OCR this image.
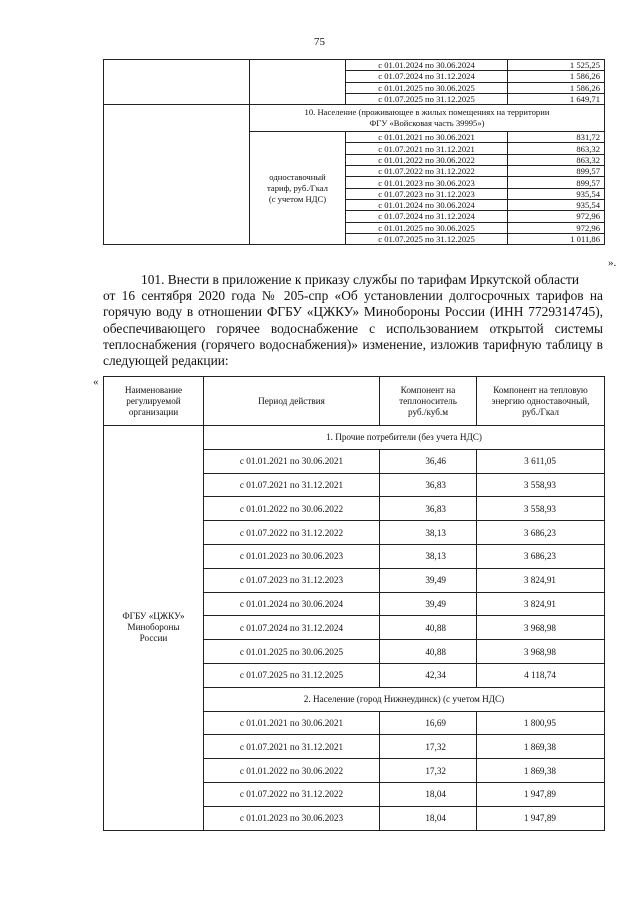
75
		с 01.01.2024 по 30.06.2024	1 525,25
		с 01.07.2024 по 31.12.2024	1 586,26
		с 01.01.2025 по 30.06.2025	1 586,26
		с 01.07.2025 по 31.12.2025	1 649,71
	10. Население (проживающее в жилых помещениях на территории
ФГУ «Войсковая часть 39995»)		
	одноставочный
тариф, руб./Гкал
(с учетом НДС)	с 01.01.2021 по 30.06.2021	831,72
		с 01.07.2021 по 31.12.2021	863,32
		с 01.01.2022 по 30.06.2022	863,32
		с 01.07.2022 по 31.12.2022	899,57
		с 01.01.2023 по 30.06.2023	899,57
		с 01.07.2023 по 31.12.2023	935,54
		с 01.01.2024 по 30.06.2024	935,54
		с 01.07.2024 по 31.12.2024	972,96
		с 01.01.2025 по 30.06.2025	972,96
		с 01.07.2025 по 31.12.2025	1 011,86
».

101. Внести в приложение к приказу службы по тарифам Иркутской области

от 16 сентября 2020 года № 205-спр «Об установлении долгосрочных тарифов на горячую воду в отношении ФГБУ «ЦЖКУ» Минобороны России (ИНН 7729314745), обеспечивающего горячее водоснабжение с использованием открытой системы теплоснабжения (горячего водоснабжения)» изменение, изложив тарифную таблицу в следующей редакции:

«
Наименование
регулируемой
организации	Период действия	Компонент на
теплоноситель
руб./куб.м	Компонент на тепловую
энергию одноставочный,
руб./Гкал
ФГБУ «ЦЖКУ»
Минобороны
России	1. Прочие потребители (без учета НДС)		
	с 01.01.2021 по 30.06.2021	36,46	3 611,05
	с 01.07.2021 по 31.12.2021	36,83	3 558,93
	с 01.01.2022 по 30.06.2022	36,83	3 558,93
	с 01.07.2022 по 31.12.2022	38,13	3 686,23
	с 01.01.2023 по 30.06.2023	38,13	3 686,23
	с 01.07.2023 по 31.12.2023	39,49	3 824,91
	с 01.01.2024 по 30.06.2024	39,49	3 824,91
	с 01.07.2024 по 31.12.2024	40,88	3 968,98
	с 01.01.2025 по 30.06.2025	40,88	3 968,98
	с 01.07.2025 по 31.12.2025	42,34	4 118,74
	2. Население (город Нижнеудинск) (с учетом НДС)		
	с 01.01.2021 по 30.06.2021	16,69	1 800,95
	с 01.07.2021 по 31.12.2021	17,32	1 869,38
	с 01.01.2022 по 30.06.2022	17,32	1 869,38
	с 01.07.2022 по 31.12.2022	18,04	1 947,89
	с 01.01.2023 по 30.06.2023	18,04	1 947,89
